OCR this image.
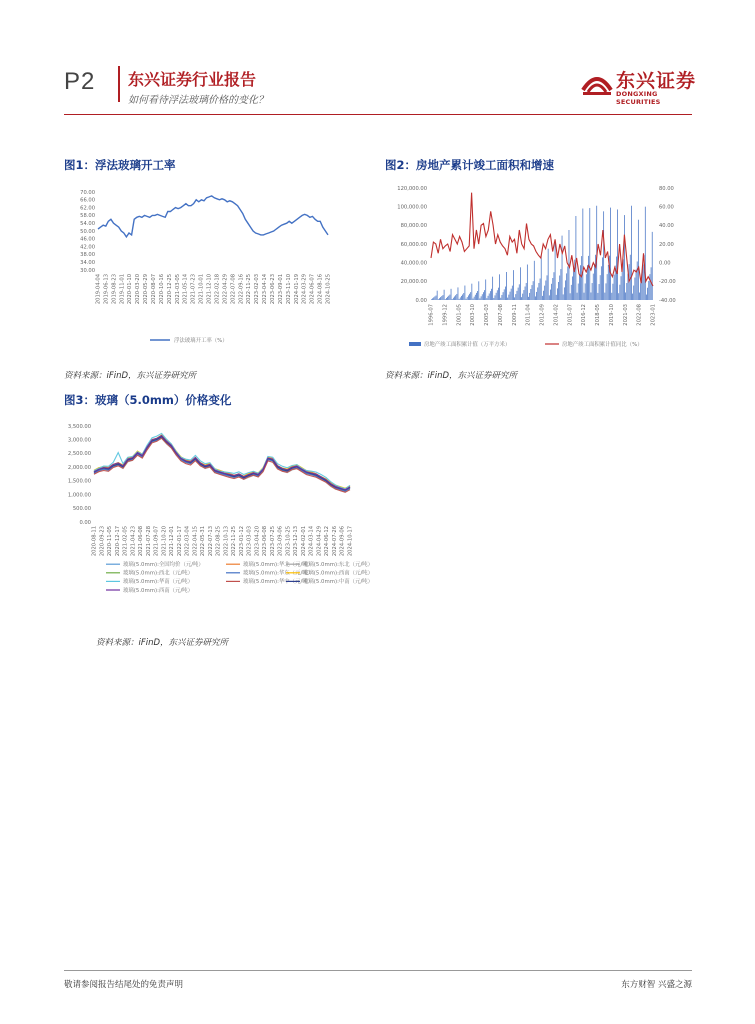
P2 东兴证券行业报告
如何看待浮法玻璃价格的变化？
东兴证券
DONGXING SECURITIES
图1：浮法玻璃开工率
30.00
34.00
38.00
42.00
46.00
50.00
54.00
58.00
62.00
66.00
70.00
2019-04-04 2019-06-13 2019-08-23 2019-11-01 2020-01-10 2020-03-20 2020-05-29 2020-08-07 2020-10-16 2020-12-25 2021-03-05 2021-05-14 2021-07-23 2021-10-01 2021-12-10 2022-02-18 2022-04-29 2022-07-08 2022-09-16 2022-11-25 2023-02-03 2023-04-14 2023-06-23 2023-09-01 2023-11-10 2024-01-19 2024-03-29 2024-06-07 2024-08-16 2024-10-25
浮法玻璃开工率（%）
资料来源：iFinD，东兴证券研究所
图2：房地产累计竣工面积和增速
0.00
20,000.00
40,000.00
60,000.00
80,000.00
100,000.00
120,000.00
-40.00
-20.00
0.00
20.00
40.00
60.00
80.00
1996-07 1999-12 2001-05 2003-10 2005-03 2007-08 2009-11 2011-04 2012-09 2014-02 2015-07 2016-12 2018-05 2019-10 2021-03 2022-08 2023-01
房地产竣工面积累计值（万平方米）	房地产竣工面积累计值同比（%）
资料来源：iFinD，东兴证券研究所
图3：玻璃（5.0mm）价格变化
0.00
500.00
1,000.00
1,500.00
2,000.00
2,500.00
3,000.00
3,500.00
2020-08-11 2020-09-23 2020-11-05 2020-12-17 2021-02-05 2021-04-23 2021-06-08 2021-07-28 2021-09-07 2021-10-20 2021-12-01 2022-01-17 2022-03-04 2022-04-15 2022-05-31 2022-07-13 2022-08-25 2022-10-13 2022-11-25 2023-01-12 2023-03-03 2023-04-20 2023-06-08 2023-07-25 2023-09-06 2023-10-25 2023-12-13 2024-02-01 2024-03-14 2024-04-29 2024-06-12 2024-07-26 2024-09-06 2024-10-17
玻璃(5.0mm):全国均价（元/吨）	玻璃(5.0mm):华北（元/吨）
玻璃(5.0mm):东北（元/吨）
玻璃(5.0mm):西北（元/吨）	玻璃(5.0mm):华东（元/吨）
玻璃(5.0mm):西南（元/吨）
玻璃(5.0mm):华南（元/吨）	玻璃(5.0mm):华中（元/吨）
玻璃(5.0mm):中南（元/吨）
玻璃(5.0mm):西南（元/吨）
资料来源：iFinD，东兴证券研究所
敬请参阅报告结尾处的免责声明	东方财智 兴盛之源
